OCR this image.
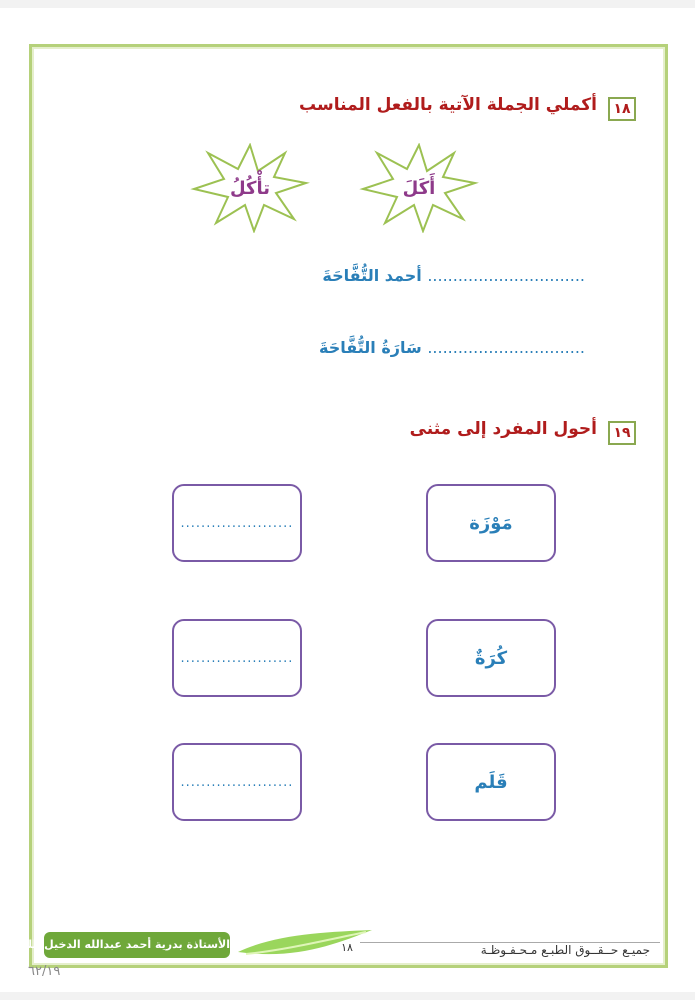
١٨
أكملي الجملة الآتية بالفعل المناسب
أَكَلَ
تأْكُلُ
............................... أحمد التُّفَّاحَةَ
............................... سَارَةُ التُّفَّاحَةَ
١٩
أحول المفرد إلى مثنى
مَوْزَة
......................
كُرَةٌ
......................
قَلَم
......................
جميـع حــقــوق الطبـع مـحـفـوظـة
١٨
الأستاذة بدرية أحمد عبدالله الدخيل الله
٦٢/١٩
